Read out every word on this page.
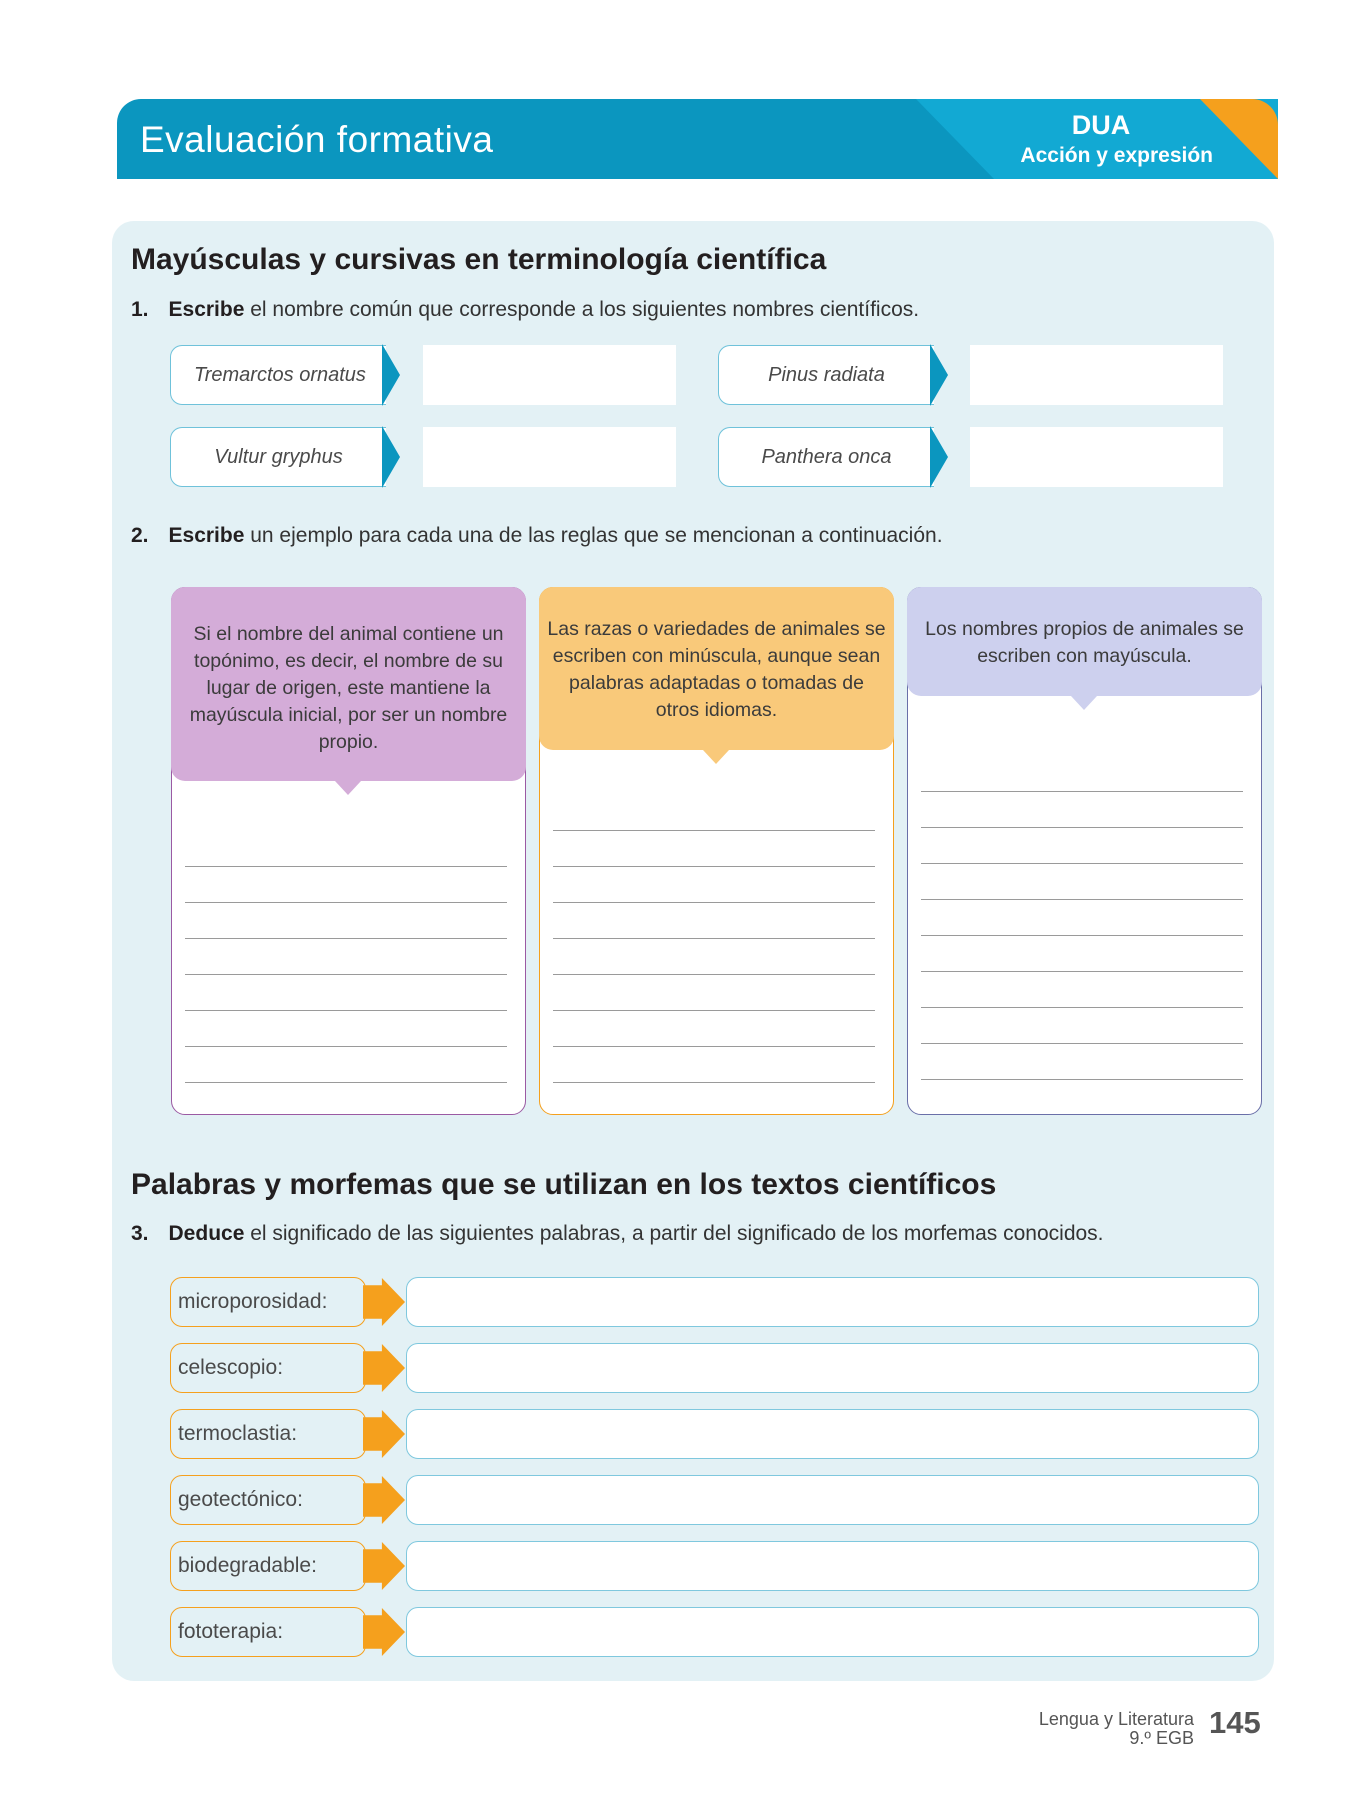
Evaluación formativa	DUA
Acción y expresión
Mayúsculas y cursivas en terminología científica
1. Escribe el nombre común que corresponde a los siguientes nombres científicos.
Tremarctos ornatus	Pinus radiata
Vultur gryphus	Panthera onca
2. Escribe un ejemplo para cada una de las reglas que se mencionan a continuación.
Si el nombre del animal contiene un topónimo, es decir, el nombre de su lugar de origen, este mantiene la mayúscula inicial, por ser un nombre propio.
Las razas o variedades de animales se escriben con minúscula, aunque sean palabras adaptadas o tomadas de otros idiomas.
Los nombres propios de animales se escriben con mayúscula.
Palabras y morfemas que se utilizan en los textos científicos
3. Deduce el significado de las siguientes palabras, a partir del significado de los morfemas conocidos.
microporosidad:
celescopio:
termoclastia:
geotectónico:
biodegradable:
fototerapia:
Lengua y Literatura
9.º EGB 145
